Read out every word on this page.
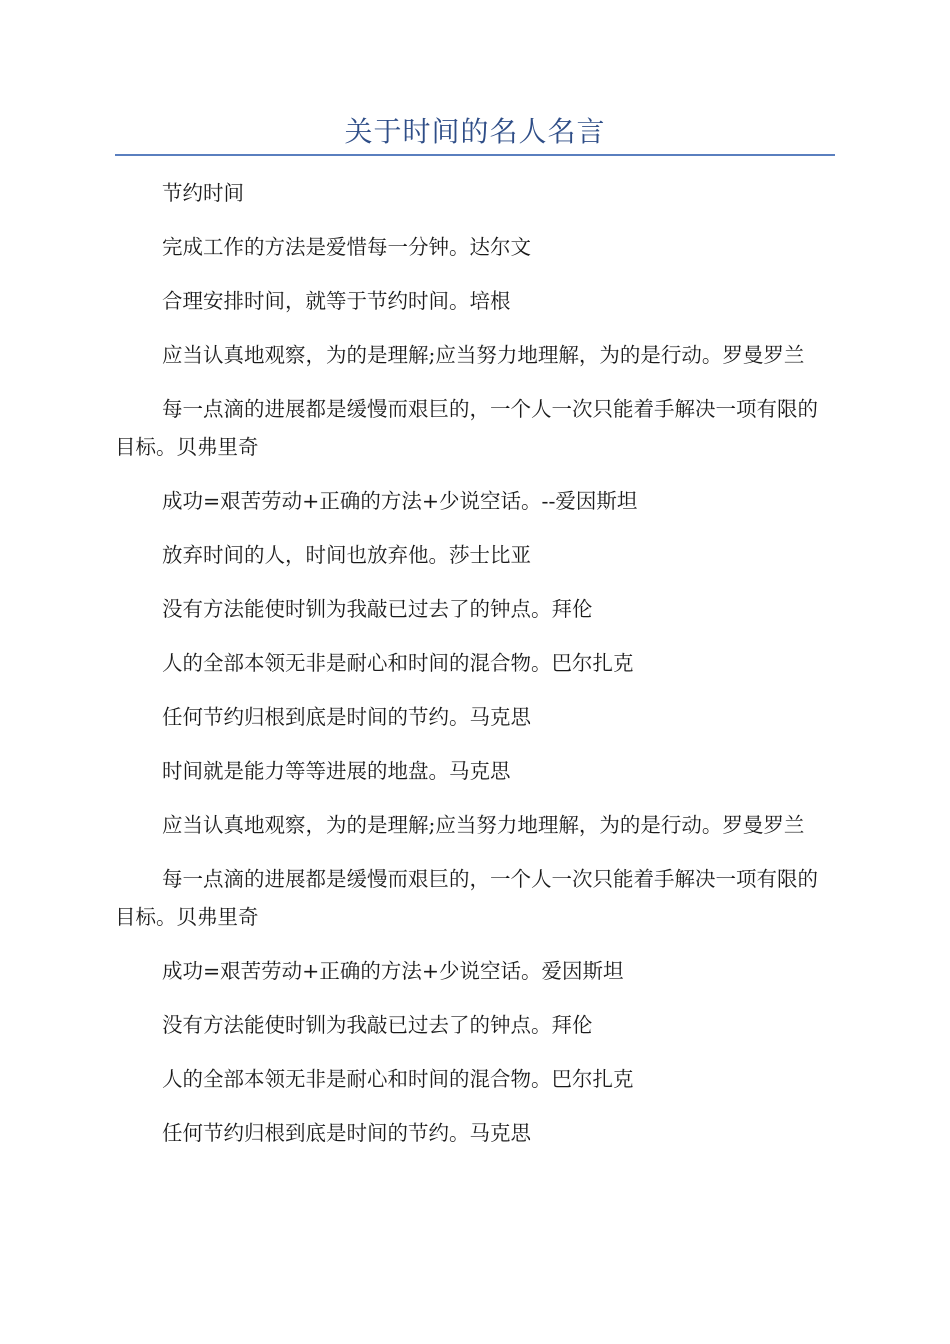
关于时间的名人名言

节约时间

完成工作的方法是爱惜每一分钟。达尔文

合理安排时间，就等于节约时间。培根

应当认真地观察，为的是理解;应当努力地理解，为的是行动。罗曼罗兰

每一点滴的进展都是缓慢而艰巨的，一个人一次只能着手解决一项有限的目标。贝弗里奇

成功=艰苦劳动+正确的方法+少说空话。--爱因斯坦

放弃时间的人，时间也放弃他。莎士比亚

没有方法能使时钏为我敲已过去了的钟点。拜伦

人的全部本领无非是耐心和时间的混合物。巴尔扎克

任何节约归根到底是时间的节约。马克思

时间就是能力等等进展的地盘。马克思

应当认真地观察，为的是理解;应当努力地理解，为的是行动。罗曼罗兰

每一点滴的进展都是缓慢而艰巨的，一个人一次只能着手解决一项有限的目标。贝弗里奇

成功=艰苦劳动+正确的方法+少说空话。爱因斯坦

没有方法能使时钏为我敲已过去了的钟点。拜伦

人的全部本领无非是耐心和时间的混合物。巴尔扎克

任何节约归根到底是时间的节约。马克思
